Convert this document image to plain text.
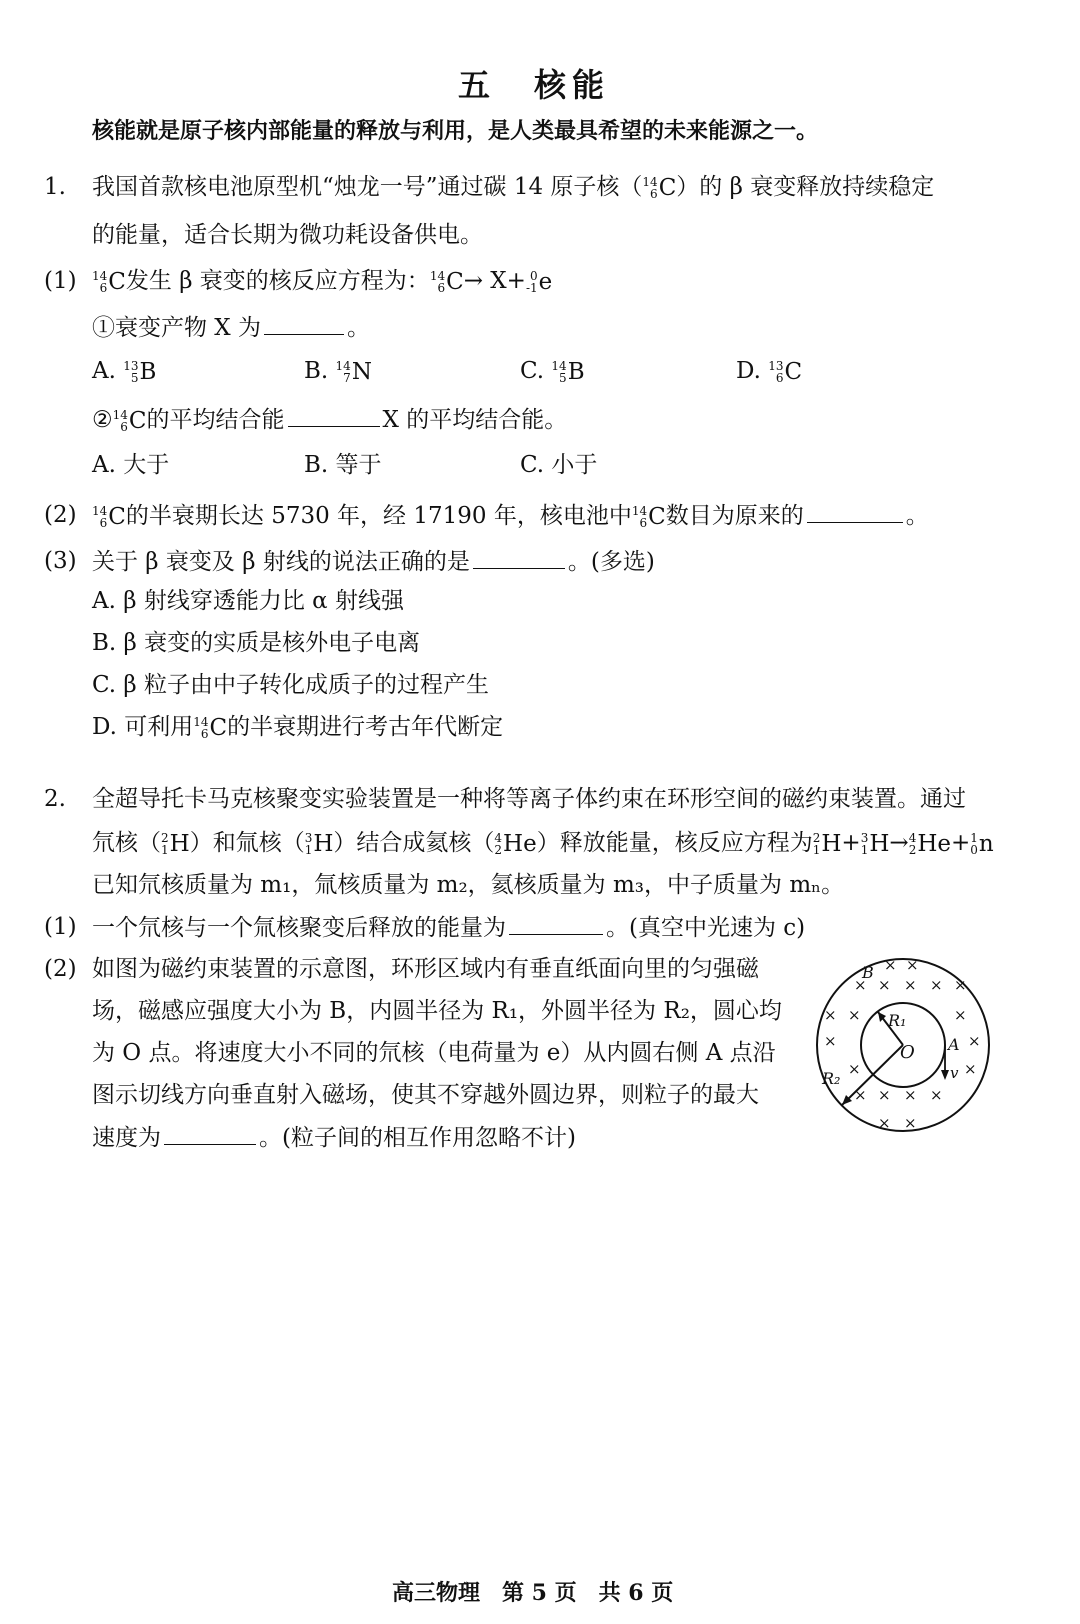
五　核能
核能就是原子核内部能量的释放与利用，是人类最具希望的未来能源之一。
1. 我国首款核电池原型机“烛龙一号”通过碳 14 原子核（ 14
6 C ）的 β 衰变释放持续稳定
的能量，适合长期为微功耗设备供电。
(1) 14
6 C 发生 β 衰变的核反应方程为： 14
6 C → X+ 0
-1 e
①衰变产物 X 为	。
A. 13
5 B	B. 14
7 N	C. 14
5 B	D. 13
6 C
② 14
6 C 的平均结合能	X 的平均结合能。
A. 大于	B. 等于	C. 小于
(2) 14
6 C 的半衰期长达 5730 年，经 17190 年，核电池中 14
6 C 数目为原来的	。
(3) 关于 β 衰变及 β 射线的说法正确的是	。(多选)
A. β 射线穿透能力比 α 射线强
B. β 衰变的实质是核外电子电离
C. β 粒子由中子转化成质子的过程产生
D. 可利用 14
6 C 的半衰期进行考古年代断定
2. 全超导托卡马克核聚变实验装置是一种将等离子体约束在环形空间的磁约束装置。通过
氘核（ 2
1 H ）和氚核（ 3
1 H ）结合成氦核（ 4
2 He ）释放能量，核反应方程为 2
1 H + 3
1 H → 4
2 He + 1
0 n
已知氘核质量为 m₁，氚核质量为 m₂，氦核质量为 m₃，中子质量为 mₙ。
(1) 一个氘核与一个氚核聚变后释放的能量为	。(真空中光速为 c)
(2) 如图为磁约束装置的示意图，环形区域内有垂直纸面向里的匀强磁
场，磁感应强度大小为 B，内圆半径为 R₁，外圆半径为 R₂，圆心均
为 O 点。将速度大小不同的氘核（电荷量为 e）从内圆右侧 A 点沿
图示切线方向垂直射入磁场，使其不穿越外圆边界，则粒子的最大
速度为	。(粒子间的相互作用忽略不计)
× ×
× × × × ×
× ×	×
×	×
×	×
× × × ×
× ×
B
R₁
R₂
O A
v
高三物理　第 5 页　共 6 页
